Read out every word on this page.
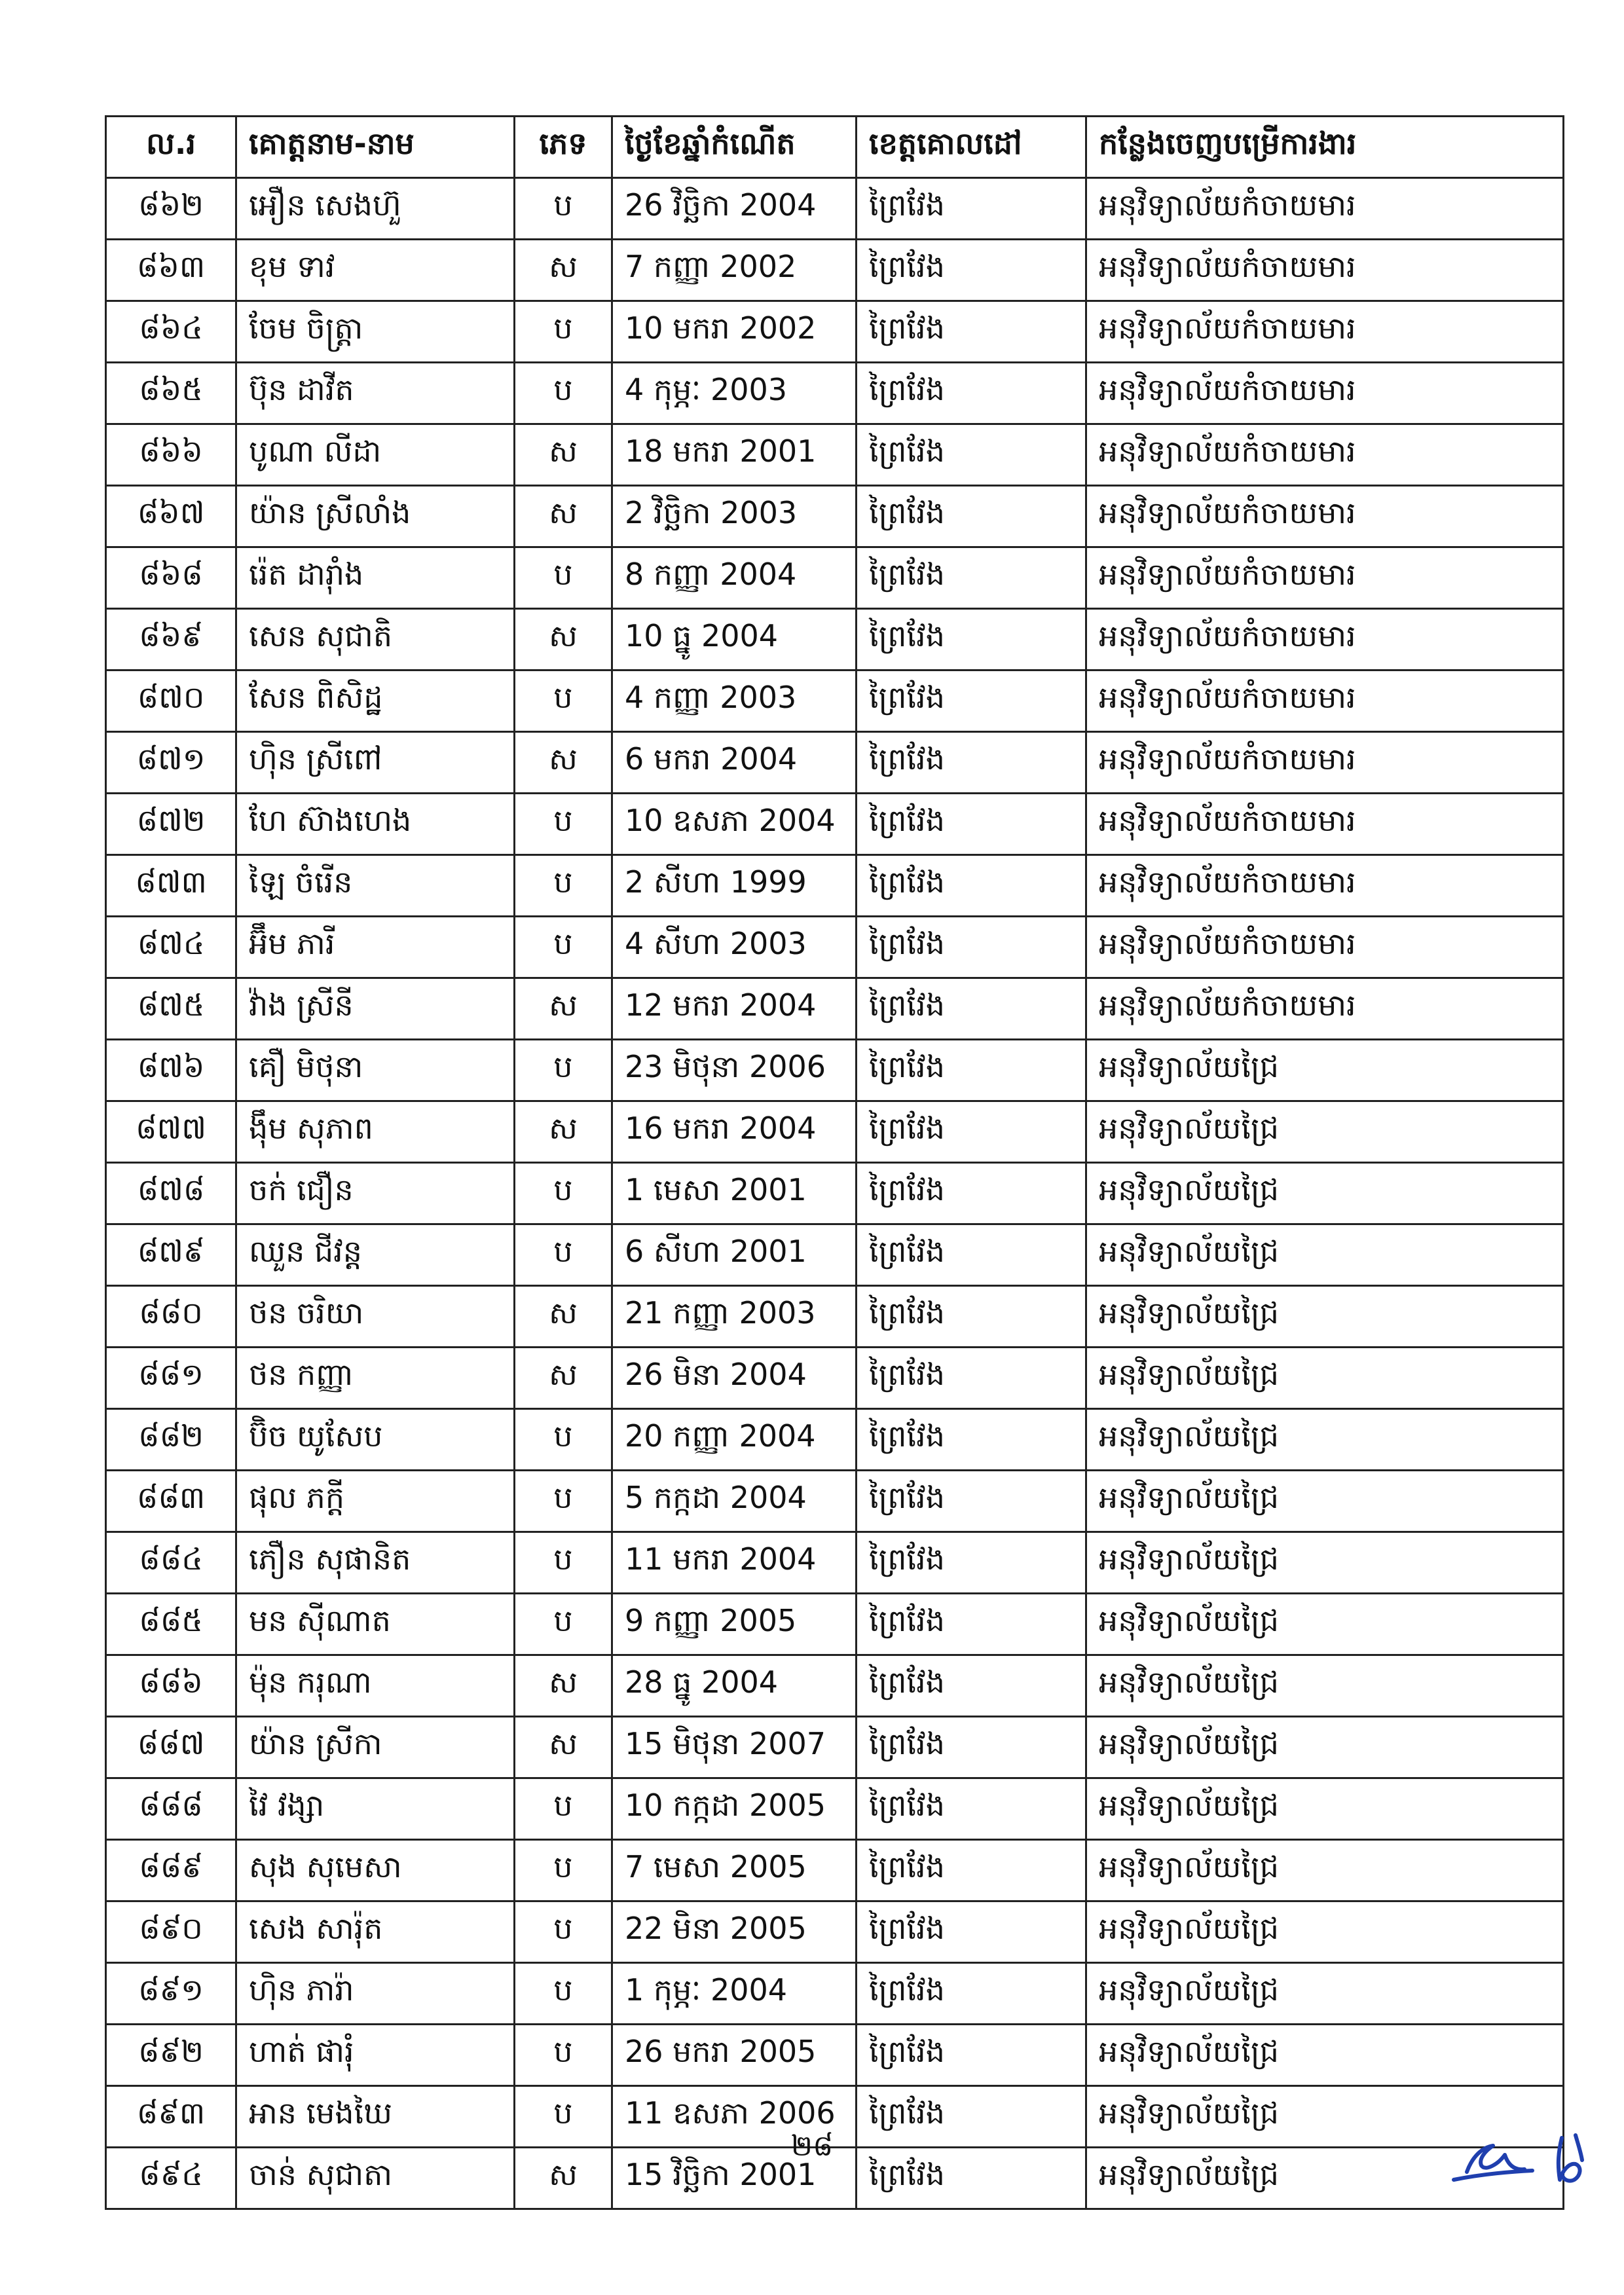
ល.រ	គោត្តនាម-នាម	ភេទ	ថ្ងៃខែឆ្នាំកំណើត	ខេត្តគោលដៅ	កន្លែងចេញបម្រើការងារ
៨៦២	អឿន សេងហ៊ួ	ប	26 វិច្ឆិកា 2004	ព្រៃវែង	អនុវិទ្យាល័យកំចាយមារ
៨៦៣	ខុម ទាវ	ស	7 កញ្ញា 2002	ព្រៃវែង	អនុវិទ្យាល័យកំចាយមារ
៨៦៤	ចែម ចិត្រ្តា	ប	10 មករា 2002	ព្រៃវែង	អនុវិទ្យាល័យកំចាយមារ
៨៦៥	ប៊ុន ដាវីត	ប	4 កុម្ភៈ 2003	ព្រៃវែង	អនុវិទ្យាល័យកំចាយមារ
៨៦៦	បូណា លីដា	ស	18 មករា 2001	ព្រៃវែង	អនុវិទ្យាល័យកំចាយមារ
៨៦៧	យ៉ាន ស្រីលាំង	ស	2 វិច្ឆិកា 2003	ព្រៃវែង	អនុវិទ្យាល័យកំចាយមារ
៨៦៨	រ៉េត ដារ៉ាំង	ប	8 កញ្ញា 2004	ព្រៃវែង	អនុវិទ្យាល័យកំចាយមារ
៨៦៩	សេន សុជាតិ	ស	10 ធ្នូ 2004	ព្រៃវែង	អនុវិទ្យាល័យកំចាយមារ
៨៧០	សែន ពិសិដ្ឋ	ប	4 កញ្ញា 2003	ព្រៃវែង	អនុវិទ្យាល័យកំចាយមារ
៨៧១	ហ៊ិន ស្រីពៅ	ស	6 មករា 2004	ព្រៃវែង	អនុវិទ្យាល័យកំចាយមារ
៨៧២	ហែ ស៊ាងហេង	ប	10 ឧសភា 2004	ព្រៃវែង	អនុវិទ្យាល័យកំចាយមារ
៨៧៣	ឡៃ ចំរើន	ប	2 សីហា 1999	ព្រៃវែង	អនុវិទ្យាល័យកំចាយមារ
៨៧៤	អ៊ឹម ភារី	ប	4 សីហា 2003	ព្រៃវែង	អនុវិទ្យាល័យកំចាយមារ
៨៧៥	វ៉ាង ស្រីនី	ស	12 មករា 2004	ព្រៃវែង	អនុវិទ្យាល័យកំចាយមារ
៨៧៦	គឿ មិថុនា	ប	23 មិថុនា 2006	ព្រៃវែង	អនុវិទ្យាល័យជ្រៃ
៨៧៧	ង៉ឹម សុភាព	ស	16 មករា 2004	ព្រៃវែង	អនុវិទ្យាល័យជ្រៃ
៨៧៨	ចក់ ជឿន	ប	1 មេសា 2001	ព្រៃវែង	អនុវិទ្យាល័យជ្រៃ
៨៧៩	ឈួន ជីវន្ត	ប	6 សីហា 2001	ព្រៃវែង	អនុវិទ្យាល័យជ្រៃ
៨៨០	ថន ចរិយា	ស	21 កញ្ញា 2003	ព្រៃវែង	អនុវិទ្យាល័យជ្រៃ
៨៨១	ថន កញ្ញា	ស	26 មិនា 2004	ព្រៃវែង	អនុវិទ្យាល័យជ្រៃ
៨៨២	ប៊ិច យូសែប	ប	20 កញ្ញា 2004	ព្រៃវែង	អនុវិទ្យាល័យជ្រៃ
៨៨៣	ផុល ភក្តី	ប	5 កក្កដា 2004	ព្រៃវែង	អនុវិទ្យាល័យជ្រៃ
៨៨៤	ភឿន សុផានិត	ប	11 មករា 2004	ព្រៃវែង	អនុវិទ្យាល័យជ្រៃ
៨៨៥	មន ស៊ីណាត	ប	9 កញ្ញា 2005	ព្រៃវែង	អនុវិទ្យាល័យជ្រៃ
៨៨៦	ម៉ុន ករុណា	ស	28 ធ្នូ 2004	ព្រៃវែង	អនុវិទ្យាល័យជ្រៃ
៨៨៧	យ៉ាន ស្រីកា	ស	15 មិថុនា 2007	ព្រៃវែង	អនុវិទ្យាល័យជ្រៃ
៨៨៨	វៃ វង្សា	ប	10 កក្កដា 2005	ព្រៃវែង	អនុវិទ្យាល័យជ្រៃ
៨៨៩	សុង សុមេសា	ប	7 មេសា 2005	ព្រៃវែង	អនុវិទ្យាល័យជ្រៃ
៨៩០	សេង សារ៉ុត	ប	22 មិនា 2005	ព្រៃវែង	អនុវិទ្យាល័យជ្រៃ
៨៩១	ហ៊ិន ភារ៉ា	ប	1 កុម្ភៈ 2004	ព្រៃវែង	អនុវិទ្យាល័យជ្រៃ
៨៩២	ហាត់ ផារុំ	ប	26 មករា 2005	ព្រៃវែង	អនុវិទ្យាល័យជ្រៃ
៨៩៣	អាន មេងឃៃ	ប	11 ឧសភា 2006	ព្រៃវែង	អនុវិទ្យាល័យជ្រៃ
៨៩៤	ចាន់ សុជាតា	ស	15 វិច្ឆិកា 2001	ព្រៃវែង	អនុវិទ្យាល័យជ្រៃ
២៨
